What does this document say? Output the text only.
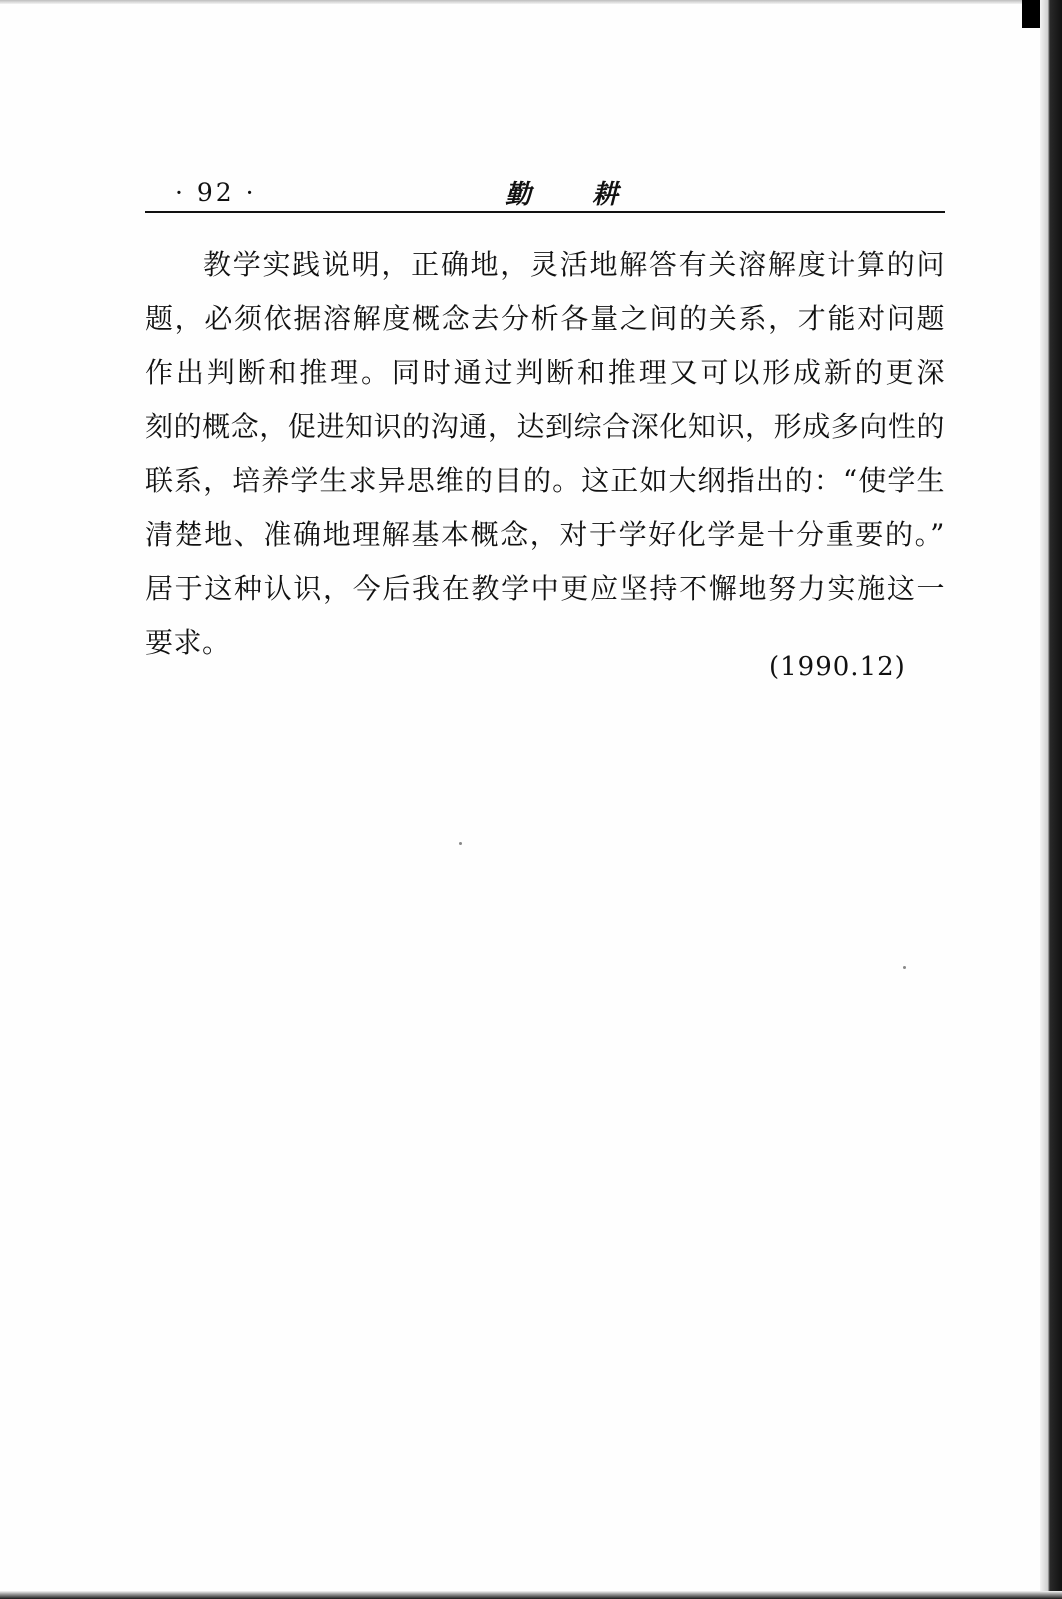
· 92 ·	勤 耕
教学实践说明，正确地，灵活地解答有关溶解度计算的问
题，必须依据溶解度概念去分析各量之间的关系，才能对问题
作出判断和推理。同时通过判断和推理又可以形成新的更深
刻的概念，促进知识的沟通，达到综合深化知识，形成多向性的
联系，培养学生求异思维的目的。这正如大纲指出的：“使学生
清楚地、准确地理解基本概念，对于学好化学是十分重要的。”
居于这种认识，今后我在教学中更应坚持不懈地努力实施这一
要求。
(1990.12)
